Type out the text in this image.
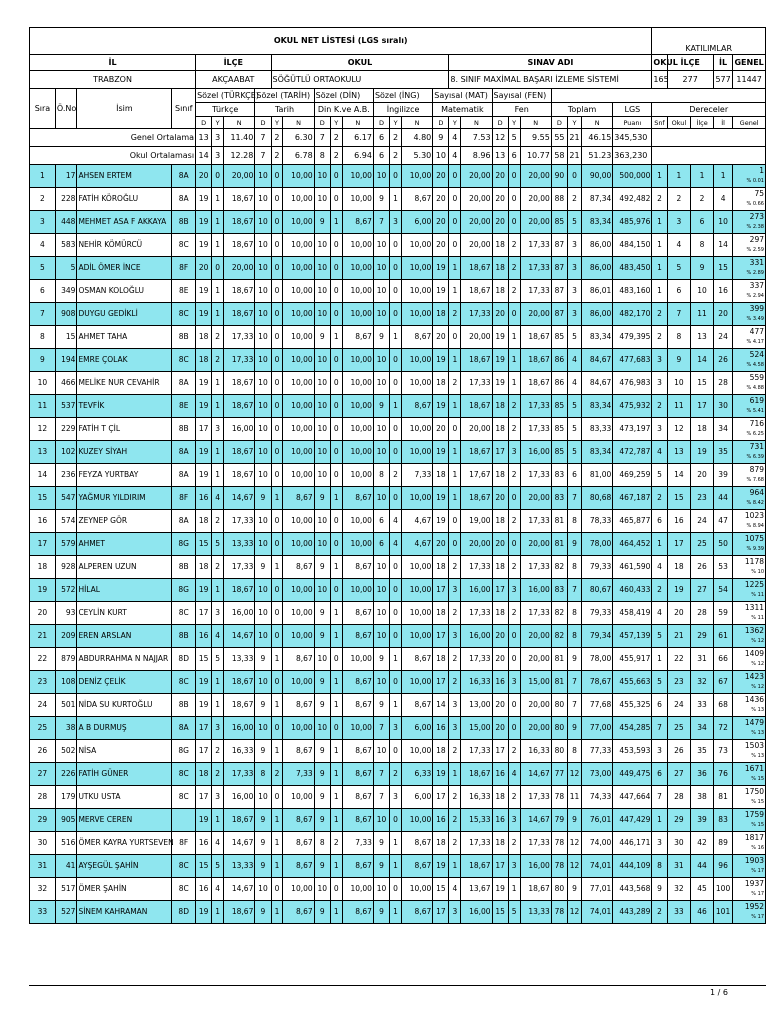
OKUL NET LİSTESİ (LGS sıralı)																										KATILIMLAR				
İL				İLÇE				OKUL									SINAV ADI									OKUL	İLÇE		İL	GENEL
TRABZON				AKÇAABAT				SÖĞÜTLÜ ORTAOKULU									8. SINIF MAXİMAL BAŞARI İZLEME SİSTEMİ									165	277		577	11447
Sıra	Ö.No	İsim	Sınıf	Sözel (TÜRKÇE)			Sözel (TARİH)			Sözel (DİN)			Sözel (İNG)			Sayısal (MAT)			Sayısal (FEN)											
				Türkçe			Tarih			Din K.ve A.B.			İngilizce			Matematik			Fen			Toplam			LGS	Dereceler				
				D	Y	N	D	Y	N	D	Y	N	D	Y	N	D	Y	N	D	Y	N	D	Y	N	Puanı	Snf	Okul	İlçe	İl	Genel
Genel Ortalama				13	3	11.40	7	2	6.30	7	2	6.17	6	2	4.80	9	4	7.53	12	5	9.55	55	21	46.15	345,530					
Okul Ortalaması				14	3	12.28	7	2	6.78	8	2	6.94	6	2	5.30	10	4	8.96	13	6	10.77	58	21	51.23	363,230					
1	17	AHSEN ERTEM	8A	20	0	20,00	10	0	10,00	10	0	10,00	10	0	10,00	20	0	20,00	20	0	20,00	90	0	90,00	500,000	1	1	1	1	1
% 0.01

2	228	FATİH KÖROĞLU	8A	19	1	18,67	10	0	10,00	10	0	10,00	9	1	8,67	20	0	20,00	20	0	20,00	88	2	87,34	492,482	2	2	2	4	75
% 0.66

3	448	MEHMET ASA F AKKAYA	8B	19	1	18,67	10	0	10,00	9	1	8,67	7	3	6,00	20	0	20,00	20	0	20,00	85	5	83,34	485,976	1	3	6	10	273
% 2.38

4	583	NEHİR KÖMÜRCÜ	8C	19	1	18,67	10	0	10,00	10	0	10,00	10	0	10,00	20	0	20,00	18	2	17,33	87	3	86,00	484,150	1	4	8	14	297
% 2.59

5	5	ADİL ÖMER İNCE	8F	20	0	20,00	10	0	10,00	10	0	10,00	10	0	10,00	19	1	18,67	18	2	17,33	87	3	86,00	483,450	1	5	9	15	331
% 2.89

6	349	OSMAN KOLOĞLU	8E	19	1	18,67	10	0	10,00	10	0	10,00	10	0	10,00	19	1	18,67	18	2	17,33	87	3	86,01	483,160	1	6	10	16	337
% 2.94

7	908	DUYGU GEDİKLİ	8C	19	1	18,67	10	0	10,00	10	0	10,00	10	0	10,00	18	2	17,33	20	0	20,00	87	3	86,00	482,170	2	7	11	20	399
% 3.49

8	15	AHMET TAHA	8B	18	2	17,33	10	0	10,00	9	1	8,67	9	1	8,67	20	0	20,00	19	1	18,67	85	5	83,34	479,395	2	8	13	24	477
% 4.17

9	194	EMRE ÇOLAK	8C	18	2	17,33	10	0	10,00	10	0	10,00	10	0	10,00	19	1	18,67	19	1	18,67	86	4	84,67	477,683	3	9	14	26	524
% 4.58

10	466	MELİKE NUR CEVAHİR	8A	19	1	18,67	10	0	10,00	10	0	10,00	10	0	10,00	18	2	17,33	19	1	18,67	86	4	84,67	476,983	3	10	15	28	559
% 4.88

11	537	TEVFİK	8E	19	1	18,67	10	0	10,00	10	0	10,00	9	1	8,67	19	1	18,67	18	2	17,33	85	5	83,34	475,932	2	11	17	30	619
% 5.41

12	229	FATİH T ÇİL	8B	17	3	16,00	10	0	10,00	10	0	10,00	10	0	10,00	20	0	20,00	18	2	17,33	85	5	83,33	473,197	3	12	18	34	716
% 6.25

13	102	KUZEY SİYAH	8A	19	1	18,67	10	0	10,00	10	0	10,00	10	0	10,00	19	1	18,67	17	3	16,00	85	5	83,34	472,787	4	13	19	35	731
% 6.39

14	236	FEYZA YURTBAY	8A	19	1	18,67	10	0	10,00	10	0	10,00	8	2	7,33	18	1	17,67	18	2	17,33	83	6	81,00	469,259	5	14	20	39	879
% 7.68

15	547	YAĞMUR YILDIRIM	8F	16	4	14,67	9	1	8,67	9	1	8,67	10	0	10,00	19	1	18,67	20	0	20,00	83	7	80,68	467,187	2	15	23	44	964
% 8.42

16	574	ZEYNEP GÖR	8A	18	2	17,33	10	0	10,00	10	0	10,00	6	4	4,67	19	0	19,00	18	2	17,33	81	8	78,33	465,877	6	16	24	47	1023
% 8.94

17	579	AHMET	8G	15	5	13,33	10	0	10,00	10	0	10,00	6	4	4,67	20	0	20,00	20	0	20,00	81	9	78,00	464,452	1	17	25	50	1075
% 9.39

18	928	ALPEREN UZUN	8B	18	2	17,33	9	1	8,67	9	1	8,67	10	0	10,00	18	2	17,33	18	2	17,33	82	8	79,33	461,590	4	18	26	53	1178
% 10

19	572	HİLAL	8G	19	1	18,67	10	0	10,00	10	0	10,00	10	0	10,00	17	3	16,00	17	3	16,00	83	7	80,67	460,433	2	19	27	54	1225
% 11

20	93	CEYLİN KURT	8C	17	3	16,00	10	0	10,00	9	1	8,67	10	0	10,00	18	2	17,33	18	2	17,33	82	8	79,33	458,419	4	20	28	59	1311
% 11

21	209	EREN ARSLAN	8B	16	4	14,67	10	0	10,00	9	1	8,67	10	0	10,00	17	3	16,00	20	0	20,00	82	8	79,34	457,139	5	21	29	61	1362
% 12

22	879	ABDURRAHMA N NAJJAR	8D	15	5	13,33	9	1	8,67	10	0	10,00	9	1	8,67	18	2	17,33	20	0	20,00	81	9	78,00	455,917	1	22	31	66	1409
% 12

23	108	DENİZ ÇELİK	8C	19	1	18,67	10	0	10,00	9	1	8,67	10	0	10,00	17	2	16,33	16	3	15,00	81	7	78,67	455,663	5	23	32	67	1423
% 12

24	501	NİDA SU KURTOĞLU	8B	19	1	18,67	9	1	8,67	9	1	8,67	9	1	8,67	14	3	13,00	20	0	20,00	80	7	77,68	455,325	6	24	33	68	1436
% 13

25	38	A B DURMUŞ	8A	17	3	16,00	10	0	10,00	10	0	10,00	7	3	6,00	16	3	15,00	20	0	20,00	80	9	77,00	454,285	7	25	34	72	1479
% 13

26	502	NİSA	8G	17	2	16,33	9	1	8,67	9	1	8,67	10	0	10,00	18	2	17,33	17	2	16,33	80	8	77,33	453,593	3	26	35	73	1503
% 13

27	226	FATİH GÜNER	8C	18	2	17,33	8	2	7,33	9	1	8,67	7	2	6,33	19	1	18,67	16	4	14,67	77	12	73,00	449,475	6	27	36	76	1671
% 15

28	179	UTKU USTA	8C	17	3	16,00	10	0	10,00	9	1	8,67	7	3	6,00	17	2	16,33	18	2	17,33	78	11	74,33	447,664	7	28	38	81	1750
% 15

29	905	MERVE CEREN		19	1	18,67	9	1	8,67	9	1	8,67	10	0	10,00	16	2	15,33	16	3	14,67	79	9	76,01	447,429	1	29	39	83	1759
% 15

30	516	ÖMER KAYRA YURTSEVEN	8F	16	4	14,67	9	1	8,67	8	2	7,33	9	1	8,67	18	2	17,33	18	2	17,33	78	12	74,00	446,171	3	30	42	89	1817
% 16

31	41	AYŞEGÜL ŞAHİN	8C	15	5	13,33	9	1	8,67	9	1	8,67	9	1	8,67	19	1	18,67	17	3	16,00	78	12	74,01	444,109	8	31	44	96	1903
% 17

32	517	ÖMER ŞAHİN	8C	16	4	14,67	10	0	10,00	10	0	10,00	10	0	10,00	15	4	13,67	19	1	18,67	80	9	77,01	443,568	9	32	45	100	1937
% 17

33	527	SİNEM KAHRAMAN	8D	19	1	18,67	9	1	8,67	9	1	8,67	9	1	8,67	17	3	16,00	15	5	13,33	78	12	74,01	443,289	2	33	46	101	1952
% 17
1 / 6
